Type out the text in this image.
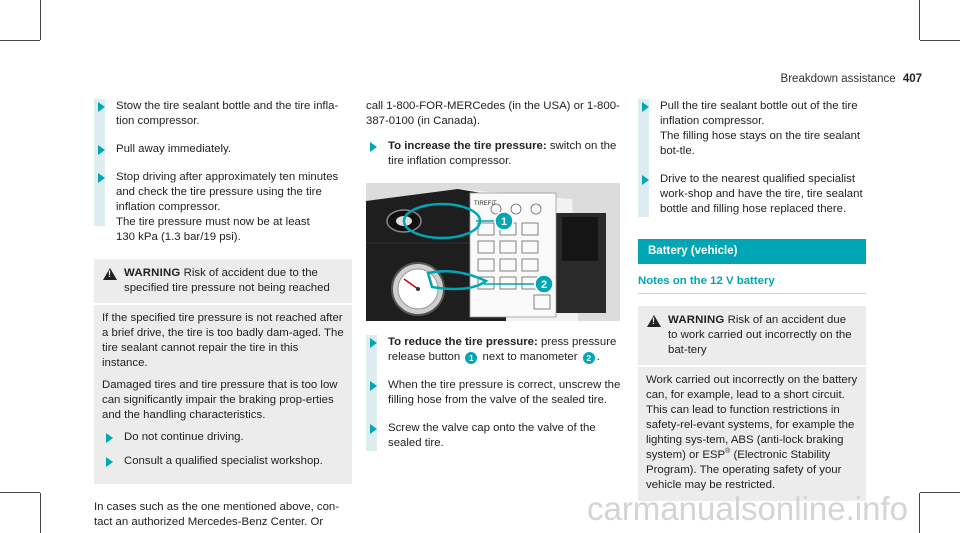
Breakdown assistance 407
Stow the tire sealant bottle and the tire infla-tion compressor.
Pull away immediately.
Stop driving after approximately ten minutes and check the tire pressure using the tire inflation compressor.
The tire pressure must now be at least
130 kPa (1.3 bar/19 psi).
!
WARNING Risk of accident due to the specified tire pressure not being reached

If the specified tire pressure is not reached after a brief drive, the tire is too badly dam-aged. The tire sealant cannot repair the tire in this instance.

Damaged tires and tire pressure that is too low can significantly impair the braking prop-erties and the handling characteristics.

Do not continue driving.
Consult a qualified specialist workshop.

In cases such as the one mentioned above, con-tact an authorized Mercedes-Benz Center. Or

call 1-800-FOR-MERCedes (in the USA) or 1-800-387-0100 (in Canada).

To increase the tire pressure: switch on the tire inflation compressor.
TIREFIT
1
2
To reduce the tire pressure: press pressure release button 1 next to manometer 2 .
When the tire pressure is correct, unscrew the filling hose from the valve of the sealed tire.
Screw the valve cap onto the valve of the sealed tire.
Pull the tire sealant bottle out of the tire inflation compressor.
The filling hose stays on the tire sealant bot-tle.
Drive to the nearest qualified specialist work-shop and have the tire, tire sealant bottle and filling hose replaced there.
Battery (vehicle)
Notes on the 12 V battery
!
WARNING Risk of an accident due to work carried out incorrectly on the bat-tery

Work carried out incorrectly on the battery can, for example, lead to a short circuit. This can lead to function restrictions in safety-rel-evant systems, for example the lighting sys-tem, ABS (anti-lock braking system) or ESP® (Electronic Stability Program). The operating safety of your vehicle may be restricted.

carmanualsonline.info
